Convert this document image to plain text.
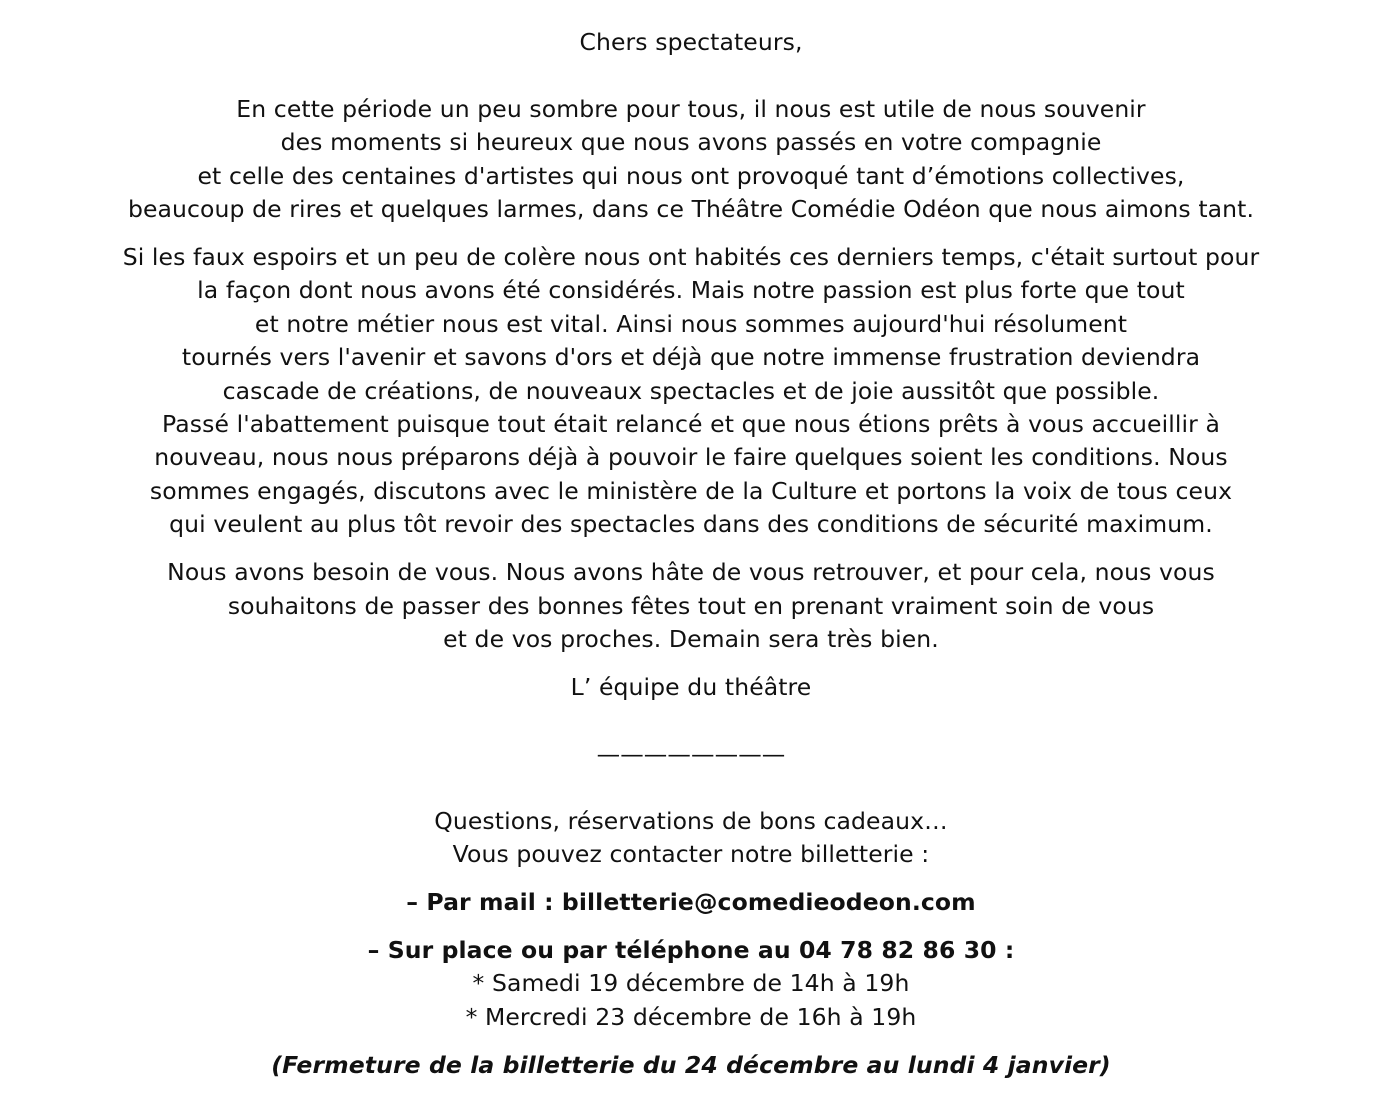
Chers spectateurs,
En cette période un peu sombre pour tous, il nous est utile de nous souvenir
des moments si heureux que nous avons passés en votre compagnie
et celle des centaines d'artistes qui nous ont provoqué tant d’émotions collectives,
beaucoup de rires et quelques larmes, dans ce Théâtre Comédie Odéon que nous aimons tant.
Si les faux espoirs et un peu de colère nous ont habités ces derniers temps, c'était surtout pour
la façon dont nous avons été considérés. Mais notre passion est plus forte que tout
et notre métier nous est vital. Ainsi nous sommes aujourd'hui résolument
tournés vers l'avenir et savons d'ors et déjà que notre immense frustration deviendra
cascade de créations, de nouveaux spectacles et de joie aussitôt que possible.
Passé l'abattement puisque tout était relancé et que nous étions prêts à vous accueillir à
nouveau, nous nous préparons déjà à pouvoir le faire quelques soient les conditions. Nous
sommes engagés, discutons avec le ministère de la Culture et portons la voix de tous ceux
qui veulent au plus tôt revoir des spectacles dans des conditions de sécurité maximum.
Nous avons besoin de vous. Nous avons hâte de vous retrouver, et pour cela, nous vous
souhaitons de passer des bonnes fêtes tout en prenant vraiment soin de vous
et de vos proches. Demain sera très bien.
L’ équipe du théâtre
————————
Questions, réservations de bons cadeaux…
Vous pouvez contacter notre billetterie :
– Par mail : billetterie@comedieodeon.com
– Sur place ou par téléphone au 04 78 82 86 30 :
* Samedi 19 décembre de 14h à 19h
* Mercredi 23 décembre de 16h à 19h
(Fermeture de la billetterie du 24 décembre au lundi 4 janvier)
